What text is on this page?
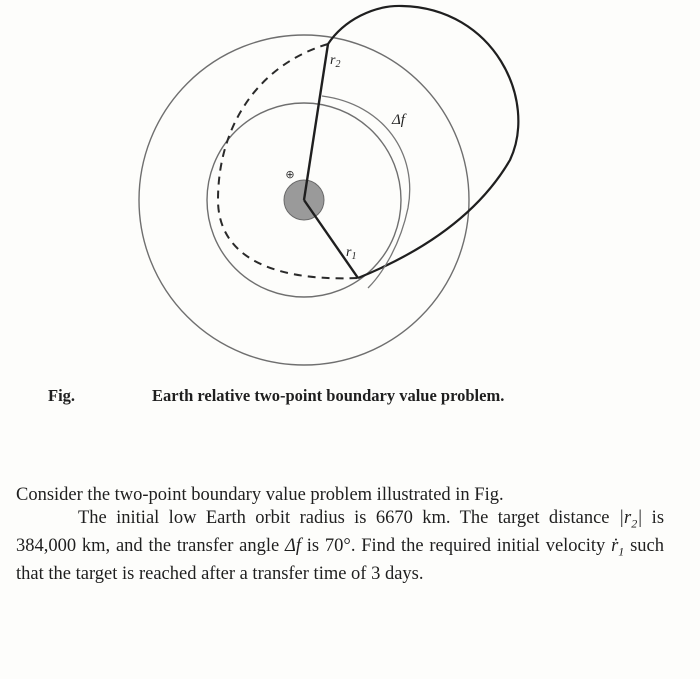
$r_2$
$r_1$
Δf
⊕
Fig.	Earth relative two-point boundary value problem.

Consider the two-point boundary value problem illustrated in Fig.

The initial low Earth orbit radius is 6670 km. The target distance $|r_2|$ is 384,000 km, and the transfer angle Δf is 70°. Find the required initial velocity ṙ$_1$ such that the target is reached after a transfer time of 3 days.
